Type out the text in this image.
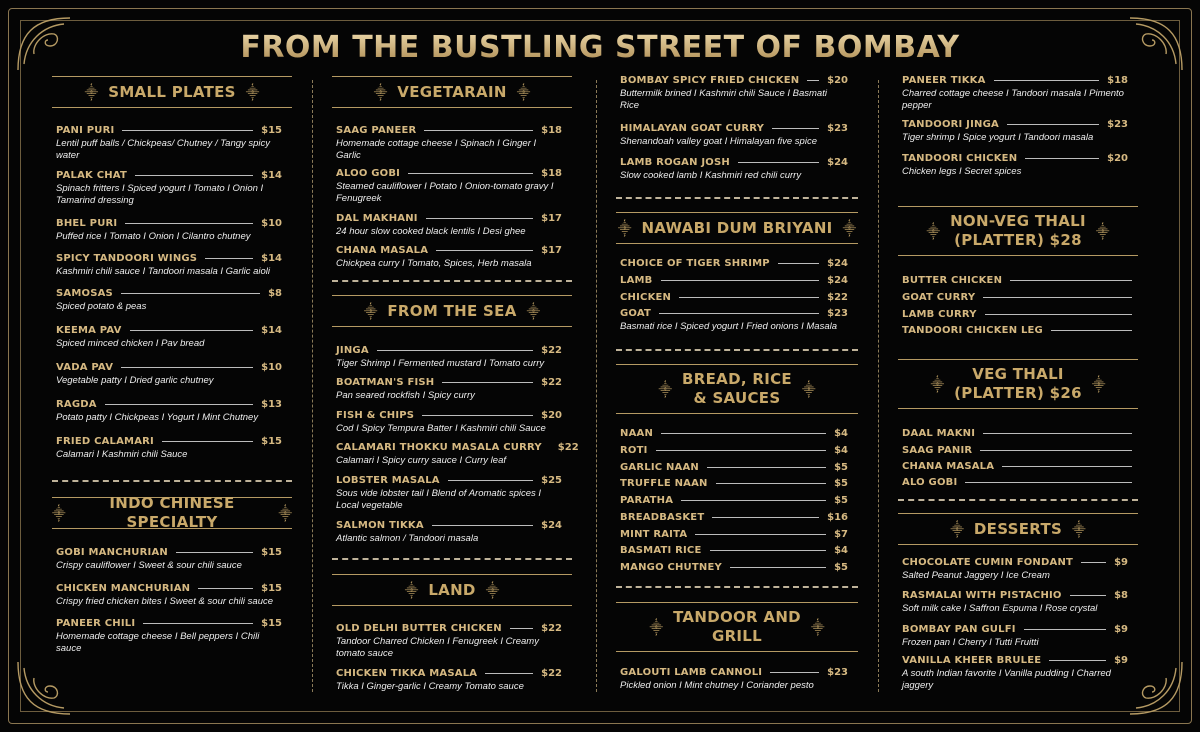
FROM THE BUSTLING STREET OF BOMBAY
⸎ SMALL PLATES ⸎
PANI PURI	$15
Lentil puff balls / Chickpeas/ Chutney / Tangy spicy water
PALAK CHAT	$14
Spinach fritters I Spiced yogurt I Tomato I Onion I Tamarind dressing
BHEL PURI	$10
Puffed rice I Tomato I Onion I Cilantro chutney
SPICY TANDOORI WINGS	$14
Kashmiri chili sauce I Tandoori masala I Garlic aioli
SAMOSAS	$8
Spiced potato & peas
KEEMA PAV	$14
Spiced minced chicken I Pav bread
VADA PAV	$10
Vegetable patty I Dried garlic chutney
RAGDA	$13
Potato patty I Chickpeas I Yogurt I Mint Chutney
FRIED CALAMARI	$15
Calamari I Kashmiri chili Sauce
⸎
INDO CHINESE SPECIALTY	⸎
GOBI MANCHURIAN	$15
Crispy cauliflower I Sweet & sour chili sauce
CHICKEN MANCHURIAN	$15
Crispy fried chicken bites I Sweet & sour chili sauce
PANEER CHILI	$15
Homemade cottage cheese I Bell peppers I Chili sauce
⸎ VEGETARAIN ⸎
SAAG PANEER	$18
Homemade cottage cheese I Spinach I Ginger I Garlic
ALOO GOBI	$18
Steamed cauliflower I Potato I Onion-tomato gravy I Fenugreek
DAL MAKHANI	$17
24 hour slow cooked black lentils I Desi ghee
CHANA MASALA	$17
Chickpea curry I Tomato, Spices, Herb masala
⸎ FROM THE SEA ⸎
JINGA	$22
Tiger Shrimp I Fermented mustard I Tomato curry
BOATMAN'S FISH	$22
Pan seared rockfish I Spicy curry
FISH & CHIPS	$20
Cod I Spicy Tempura Batter I Kashmiri chili Sauce
CALAMARI THOKKU MASALA CURRY $22
Calamari I Spicy curry sauce I Curry leaf
LOBSTER MASALA	$25
Sous vide lobster tail I Blend of Aromatic spices I Local vegetable
SALMON TIKKA	$24
Atlantic salmon / Tandoori masala
⸎ LAND ⸎
OLD DELHI BUTTER CHICKEN	$22
Tandoor Charred Chicken I Fenugreek I Creamy tomato sauce
CHICKEN TIKKA MASALA	$22
Tikka I Ginger-garlic I Creamy Tomato sauce
BOMBAY SPICY FRIED CHICKEN	$20
Buttermilk brined I Kashmiri chili Sauce I Basmati Rice
HIMALAYAN GOAT CURRY	$23
Shenandoah valley goat I Himalayan five spice
LAMB ROGAN JOSH	$24
Slow cooked lamb I Kashmiri red chili curry
⸎ NAWABI DUM BRIYANI ⸎
CHOICE OF TIGER SHRIMP	$24
LAMB	$24
CHICKEN	$22
GOAT	$23
Basmati rice I Spiced yogurt I Fried onions I Masala
⸎
BREAD, RICE
& SAUCES	⸎
NAAN	$4
ROTI	$4
GARLIC NAAN	$5
TRUFFLE NAAN	$5
PARATHA	$5
BREADBASKET	$16
MINT RAITA	$7
BASMATI RICE	$4
MANGO CHUTNEY	$5
⸎
TANDOOR AND
GRILL	⸎
GALOUTI LAMB CANNOLI	$23
Pickled onion I Mint chutney I Coriander pesto
PANEER TIKKA	$18
Charred cottage cheese I Tandoori masala I Pimento pepper
TANDOORI JINGA	$23
Tiger shrimp I Spice yogurt I Tandoori masala
TANDOORI CHICKEN	$20
Chicken legs I Secret spices
⸎
NON-VEG THALI
(PLATTER) $28	⸎
BUTTER CHICKEN
GOAT CURRY
LAMB CURRY
TANDOORI CHICKEN LEG
⸎
VEG THALI
(PLATTER) $26 ⸎
DAAL MAKNI
SAAG PANIR
CHANA MASALA
ALO GOBI
⸎ DESSERTS ⸎
CHOCOLATE CUMIN FONDANT	$9
Salted Peanut Jaggery I Ice Cream
RASMALAI WITH PISTACHIO	$8
Soft milk cake I Saffron Espuma I Rose crystal
BOMBAY PAN GULFI	$9
Frozen pan I Cherry I Tutti Fruitti
VANILLA KHEER BRULEE	$9
A south Indian favorite I Vanilla pudding I Charred jaggery
